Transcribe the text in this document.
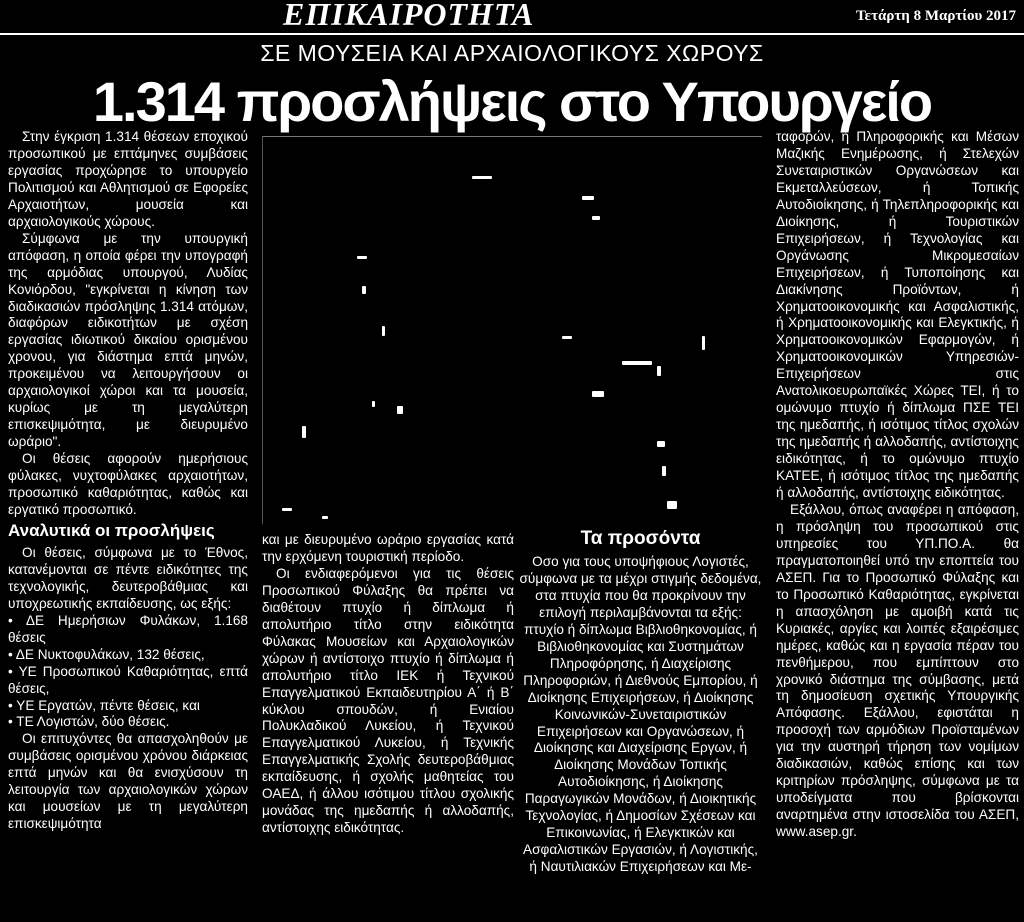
ΕΠΙΚΑΙΡΟΤΗΤΑ	Τετάρτη 8 Μαρτίου 2017
ΣΕ ΜΟΥΣΕΙΑ ΚΑΙ ΑΡΧΑΙΟΛΟΓΙΚΟΥΣ ΧΩΡΟΥΣ
1.314 προσλήψεις στο Υπουργείο

Στην έγκριση 1.314 θέσεων εποχικού προσωπικού με επτάμηνες συμβάσεις εργασίας προχώρησε το υπουργείο Πολιτισμού και Αθλητισμού σε Εφορείες Αρχαιοτήτων, μουσεία και αρχαιολογικούς χώρους.

Σύμφωνα με την υπουργική απόφαση, η οποία φέρει την υπογραφή της αρμόδιας υπουργού, Λυδίας Κονιόρδου, "εγκρίνεται η κίνηση των διαδικασιών πρόσληψης 1.314 ατόμων, διαφόρων ειδικοτήτων με σχέση εργασίας ιδιωτικού δικαίου ορισμένου χρονου, για διάστημα επτά μηνών, προκειμένου να λειτουργήσουν οι αρχαιολογικοί χώροι και τα μουσεία, κυρίως με τη μεγαλύτερη επισκεψιμότητα, με διευρυμένο ωράριο".

Οι θέσεις αφορούν ημερήσιους φύλακες, νυχτοφύλακες αρχαιοτήτων, προσωπικό καθαριότητας, καθώς και εργατικό προσωπικό.

Αναλυτικά οι προσλήψεις

Οι θέσεις, σύμφωνα με το Έθνος, κατανέμονται σε πέντε ειδικότητες της τεχνολογικής, δευτεροβάθμιας και υποχρεωτικής εκπαίδευσης, ως εξής:

• ΔΕ Ημερήσιων Φυλάκων, 1.168 θέσεις

• ΔΕ Νυκτοφυλάκων, 132 θέσεις,

• ΥΕ Προσωπικού Καθαριότητας, επτά θέσεις,

• ΥΕ Εργατών, πέντε θέσεις, και

• ΤΕ Λογιστών, δύο θέσεις.

Οι επιτυχόντες θα απασχοληθούν με συμβάσεις ορισμένου χρόνου διάρκειας επτά μηνών και θα ενισχύσουν τη λειτουργία των αρχαιολογικών χώρων και μουσείων με τη μεγαλύτερη επισκεψιμότητα

και με διευρυμένο ωράριο εργασίας κατά την ερχόμενη τουριστική περίοδο.

Οι ενδιαφερόμενοι για τις θέσεις Προσωπικού Φύλαξης θα πρέπει να διαθέτουν πτυχίο ή δίπλωμα ή απολυτήριο τίτλο στην ειδικότητα Φύλακας Μουσείων και Αρχαιολογικών χώρων ή αντίστοιχο πτυχίο ή δίπλωμα ή απολυτήριο τίτλο ΙΕΚ ή Τεχνικού Επαγγελματικού Εκπαιδευτηρίου Α΄ ή Β΄ κύκλου σπουδών, ή Ενιαίου Πολυκλαδικού Λυκείου, ή Τεχνικού Επαγγελματικού Λυκείου, ή Τεχνικής Επαγγελματικής Σχολής δευτεροβάθμιας εκπαίδευσης, ή σχολής μαθητείας του ΟΑΕΔ, ή άλλου ισότιμου τίτλου σχολικής μονάδας της ημεδαπής ή αλλοδαπής, αντίστοιχης ειδικότητας.

Τα προσόντα

Οσο για τους υποψήφιους Λογιστές, σύμφωνα με τα μέχρι στιγμής δεδομένα, στα πτυχία που θα προκρίνουν την επιλογή περιλαμβάνονται τα εξής: πτυχίο ή δίπλωμα Βιβλιοθηκονομίας, ή Βιβλιοθηκονομίας και Συστημάτων Πληροφόρησης, ή Διαχείρισης Πληροφοριών, ή Διεθνούς Εμπορίου, ή Διοίκησης Επιχειρήσεων, ή Διοίκησης Κοινωνικών-Συνεταιριστικών Επιχειρήσεων και Οργανώσεων, ή Διοίκησης και Διαχείρισης Εργων, ή Διοίκησης Μονάδων Τοπικής Αυτοδιοίκησης, ή Διοίκησης Παραγωγικών Μονάδων, ή Διοικητικής Τεχνολογίας, ή Δημοσίων Σχέσεων και Επικοινωνίας, ή Ελεγκτικών και Ασφαλιστικών Εργασιών, ή Λογιστικής, ή Ναυτιλιακών Επιχειρήσεων και Με-

ταφορών, ή Πληροφορικής και Μέσων Μαζικής Ενημέρωσης, ή Στελεχών Συνεταιριστικών Οργανώσεων και Εκμεταλλεύσεων, ή Τοπικής Αυτοδιοίκησης, ή Τηλεπληροφορικής και Διοίκησης, ή Τουριστικών Επιχειρήσεων, ή Τεχνολογίας και Οργάνωσης Μικρομεσαίων Επιχειρήσεων, ή Τυποποίησης και Διακίνησης Προϊόντων, ή Χρηματοοικονομικής και Ασφαλιστικής, ή Χρηματοοικονομικής και Ελεγκτικής, ή Χρηματοοικονομικών Εφαρμογών, ή Χρηματοοικονομικών Υπηρεσιών-Επιχειρήσεων στις Ανατολικοευρωπαϊκές Χώρες ΤΕΙ, ή το ομώνυμο πτυχίο ή δίπλωμα ΠΣΕ ΤΕΙ της ημεδαπής, ή ισότιμος τίτλος σχολών της ημεδαπής ή αλλοδαπής, αντίστοιχης ειδικότητας, ή το ομώνυμο πτυχίο ΚΑΤΕΕ, ή ισότιμος τίτλος της ημεδαπής ή αλλοδαπής, αντίστοιχης ειδικότητας.

Εξάλλου, όπως αναφέρει η απόφαση, η πρόσληψη του προσωπικού στις υπηρεσίες του ΥΠ.ΠΟ.Α. θα πραγματοποιηθεί υπό την εποπτεία του ΑΣΕΠ. Για το Προσωπικό Φύλαξης και το Προσωπικό Καθαριότητας, εγκρίνεται η απασχόληση με αμοιβή κατά τις Κυριακές, αργίες και λοιπές εξαιρέσιμες ημέρες, καθώς και η εργασία πέραν του πενθήμερου, που εμπίπτουν στο χρονικό διάστημα της σύμβασης, μετά τη δημοσίευση σχετικής Υπουργικής Απόφασης. Εξάλλου, εφιστάται η προσοχή των αρμόδιων Προϊσταμένων για την αυστηρή τήρηση των νομίμων διαδικασιών, καθώς επίσης και των κριτηρίων πρόσληψης, σύμφωνα με τα υποδείγματα που βρίσκονται αναρτημένα στην ιστοσελίδα του ΑΣΕΠ, www.asep.gr.
